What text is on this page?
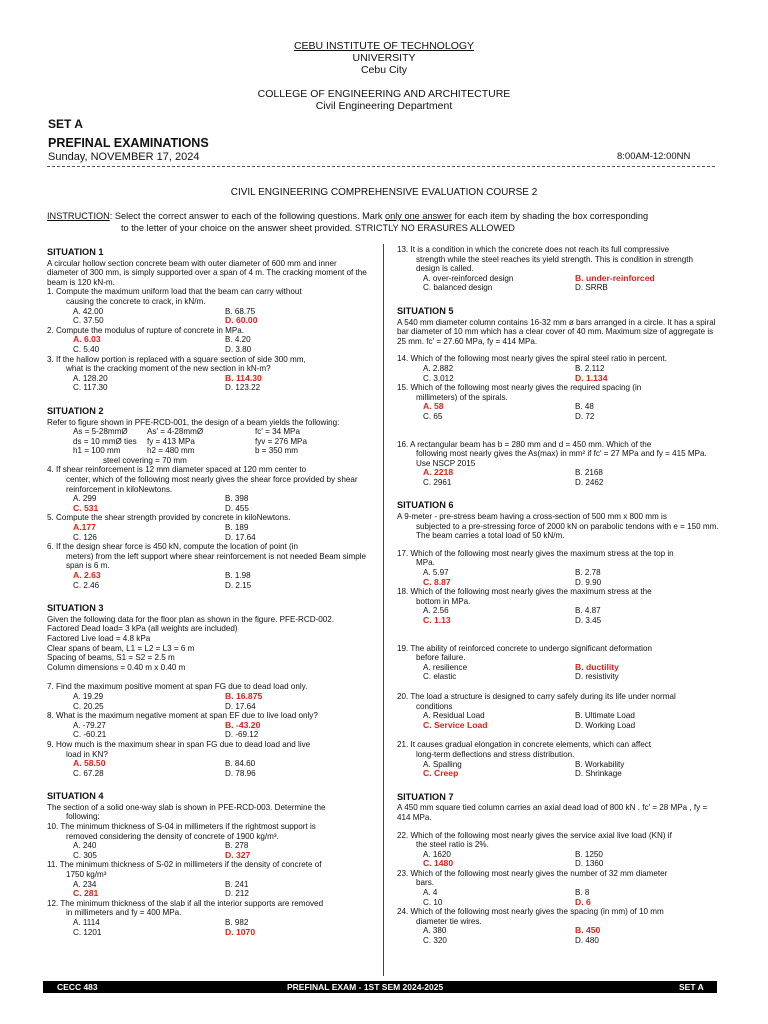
CEBU INSTITUTE OF TECHNOLOGY
UNIVERSITY
Cebu City
COLLEGE OF ENGINEERING AND ARCHITECTURE
Civil Engineering Department
SET A
PREFINAL EXAMINATIONS
Sunday, NOVEMBER 17, 2024	8:00AM-12:00NN
CIVIL ENGINEERING COMPREHENSIVE EVALUATION COURSE 2
INSTRUCTION: Select the correct answer to each of the following questions. Mark only one answer for each item by shading the box corresponding
to the letter of your choice on the answer sheet provided. STRICTLY NO ERASURES ALLOWED

SITUATION 1

A circular hollow section concrete beam with outer diameter of 600 mm and inner diameter of 300 mm, is simply supported over a span of 4 m. The cracking moment of the beam is 120 kN-m.

1. Compute the maximum uniform load that the beam can carry without

causing the concrete to crack, in kN/m.

A. 42.00	B. 68.75
C. 37.50	D. 60.00

2. Compute the modulus of rupture of concrete in MPa.

A. 6.03	B. 4.20
C. 5.40	D. 3.80

3. If the hallow portion is replaced with a square section of side 300 mm,

what is the cracking moment of the new section in kN-m?

A. 128.20	B. 114.30
C. 117.30	D. 123.22

SITUATION 2

Refer to figure shown in PFE-RCD-001, the design of a beam yields the following:

As = 5-28mmØ	As' = 4-28mmØ	fc' = 34 MPa
ds = 10 mmØ ties	fy = 413 MPa	fyv = 276 MPa
h1 = 100 mm	h2 = 480 mm	b = 350 mm

steel covering = 70 mm

4. If shear reinforcement is 12 mm diameter spaced at 120 mm center to

center, which of the following most nearly gives the shear force provided by shear reinforcement in kiloNewtons.

A. 299	B. 398
C. 531	D. 455

5. Compute the shear strength provided by concrete in kiloNewtons.

A.177	B. 189
C. 126	D. 17.64

6. If the design shear force is 450 kN, compute the location of point (in

meters) from the left support where shear reinforcement is not needed Beam simple span is 6 m.

A. 2.63	B. 1.98
C. 2.46	D. 2.15

SITUATION 3

Given the following data for the floor plan as shown in the figure. PFE-RCD-002.

Factored Dead load= 3 kPa (all weights are included)

Factored Live load = 4.8 kPa

Clear spans of beam, L1 = L2 = L3 = 6 m

Spacing of beams, S1 = S2 = 2.5 m

Column dimensions = 0.40 m x 0.40 m

7. Find the maximum positive moment at span FG due to dead load only.

A. 19.29	B. 16.875
C. 20.25	D. 17.64

8. What is the maximum negative moment at span EF due to live load only?

A. -79.27	B. -43.20
C. -60.21	D. -69.12

9. How much is the maximum shear in span FG due to dead load and live

load in KN?

A. 58.50	B. 84.60
C. 67.28	D. 78.96

SITUATION 4

The section of a solid one-way slab is shown in PFE-RCD-003. Determine the

following:

10. The minimum thickness of S-04 in millimeters if the rightmost support is

removed considering the density of concrete of 1900 kg/m³.

A. 240	B. 278
C. 305	D. 327

11. The minimum thickness of S-02 in millimeters if the density of concrete of

1750 kg/m³

A. 234	B. 241
C. 281	D. 212

12. The minimum thickness of the slab if all the interior supports are removed

in millimeters and fy = 400 MPa.

A. 1114	B. 982
C. 1201	D. 1070

13. It is a condition in which the concrete does not reach its full compressive

strength while the steel reaches its yield strength. This is condition in strength design is called.

A. over-reinforced design	B. under-reinforced
C. balanced design	D. SRRB

SITUATION 5

A 540 mm diameter column contains 16-32 mm ø bars arranged in a circle. It has a spiral bar diameter of 10 mm which has a clear cover of 40 mm. Maximum size of aggregate is 25 mm. fc' = 27.60 MPa, fy = 414 MPa.

14. Which of the following most nearly gives the spiral steel ratio in percent.

A. 2.882	B. 2.112
C. 3.012	D. 1.134

15. Which of the following most nearly gives the required spacing (in

millimeters) of the spirals.

A. 58	B. 48
C. 65	D. 72

16. A rectangular beam has b = 280 mm and d = 450 mm. Which of the

following most nearly gives the As(max) in mm² if fc' = 27 MPa and fy = 415 MPa. Use NSCP 2015

A. 2218	B. 2168
C. 2961	D. 2462

SITUATION 6

A 9-meter - pre-stress beam having a cross-section of 500 mm x 800 mm is

subjected to a pre-stressing force of 2000 kN on parabolic tendons with e = 150 mm. The beam carries a total load of 50 kN/m.

17. Which of the following most nearly gives the maximum stress at the top in

MPa.

A. 5.97	B. 2.78
C. 8.87	D. 9.90

18. Which of the following most nearly gives the maximum stress at the

bottom in MPa.

A. 2.56	B. 4.87
C. 1.13	D. 3.45

19. The ability of reinforced concrete to undergo significant deformation

before failure.

A. resilience	B. ductility
C. elastic	D. resistivity

20. The load a structure is designed to carry safely during its life under normal

conditions

A. Residual Load	B. Ultimate Load
C. Service Load	D. Working Load

21. It causes gradual elongation in concrete elements, which can affect

long-term deflections and stress distribution.

A. Spalling	B. Workability
C. Creep	D. Shrinkage

SITUATION 7

A 450 mm square tied column carries an axial dead load of 800 kN . fc' = 28 MPa , fy = 414 MPa.

22. Which of the following most nearly gives the service axial live load (KN) if

the steel ratio is 2%.

A. 1620	B. 1250
C. 1480	D. 1360

23. Which of the following most nearly gives the number of 32 mm diameter

bars.

A. 4	B. 8
C. 10	D. 6

24. Which of the following most nearly gives the spacing (in mm) of 10 mm

diameter tie wires.

A. 380	B. 450
C. 320	D. 480
CECC 483	PREFINAL EXAM - 1ST SEM 2024-2025	SET A
